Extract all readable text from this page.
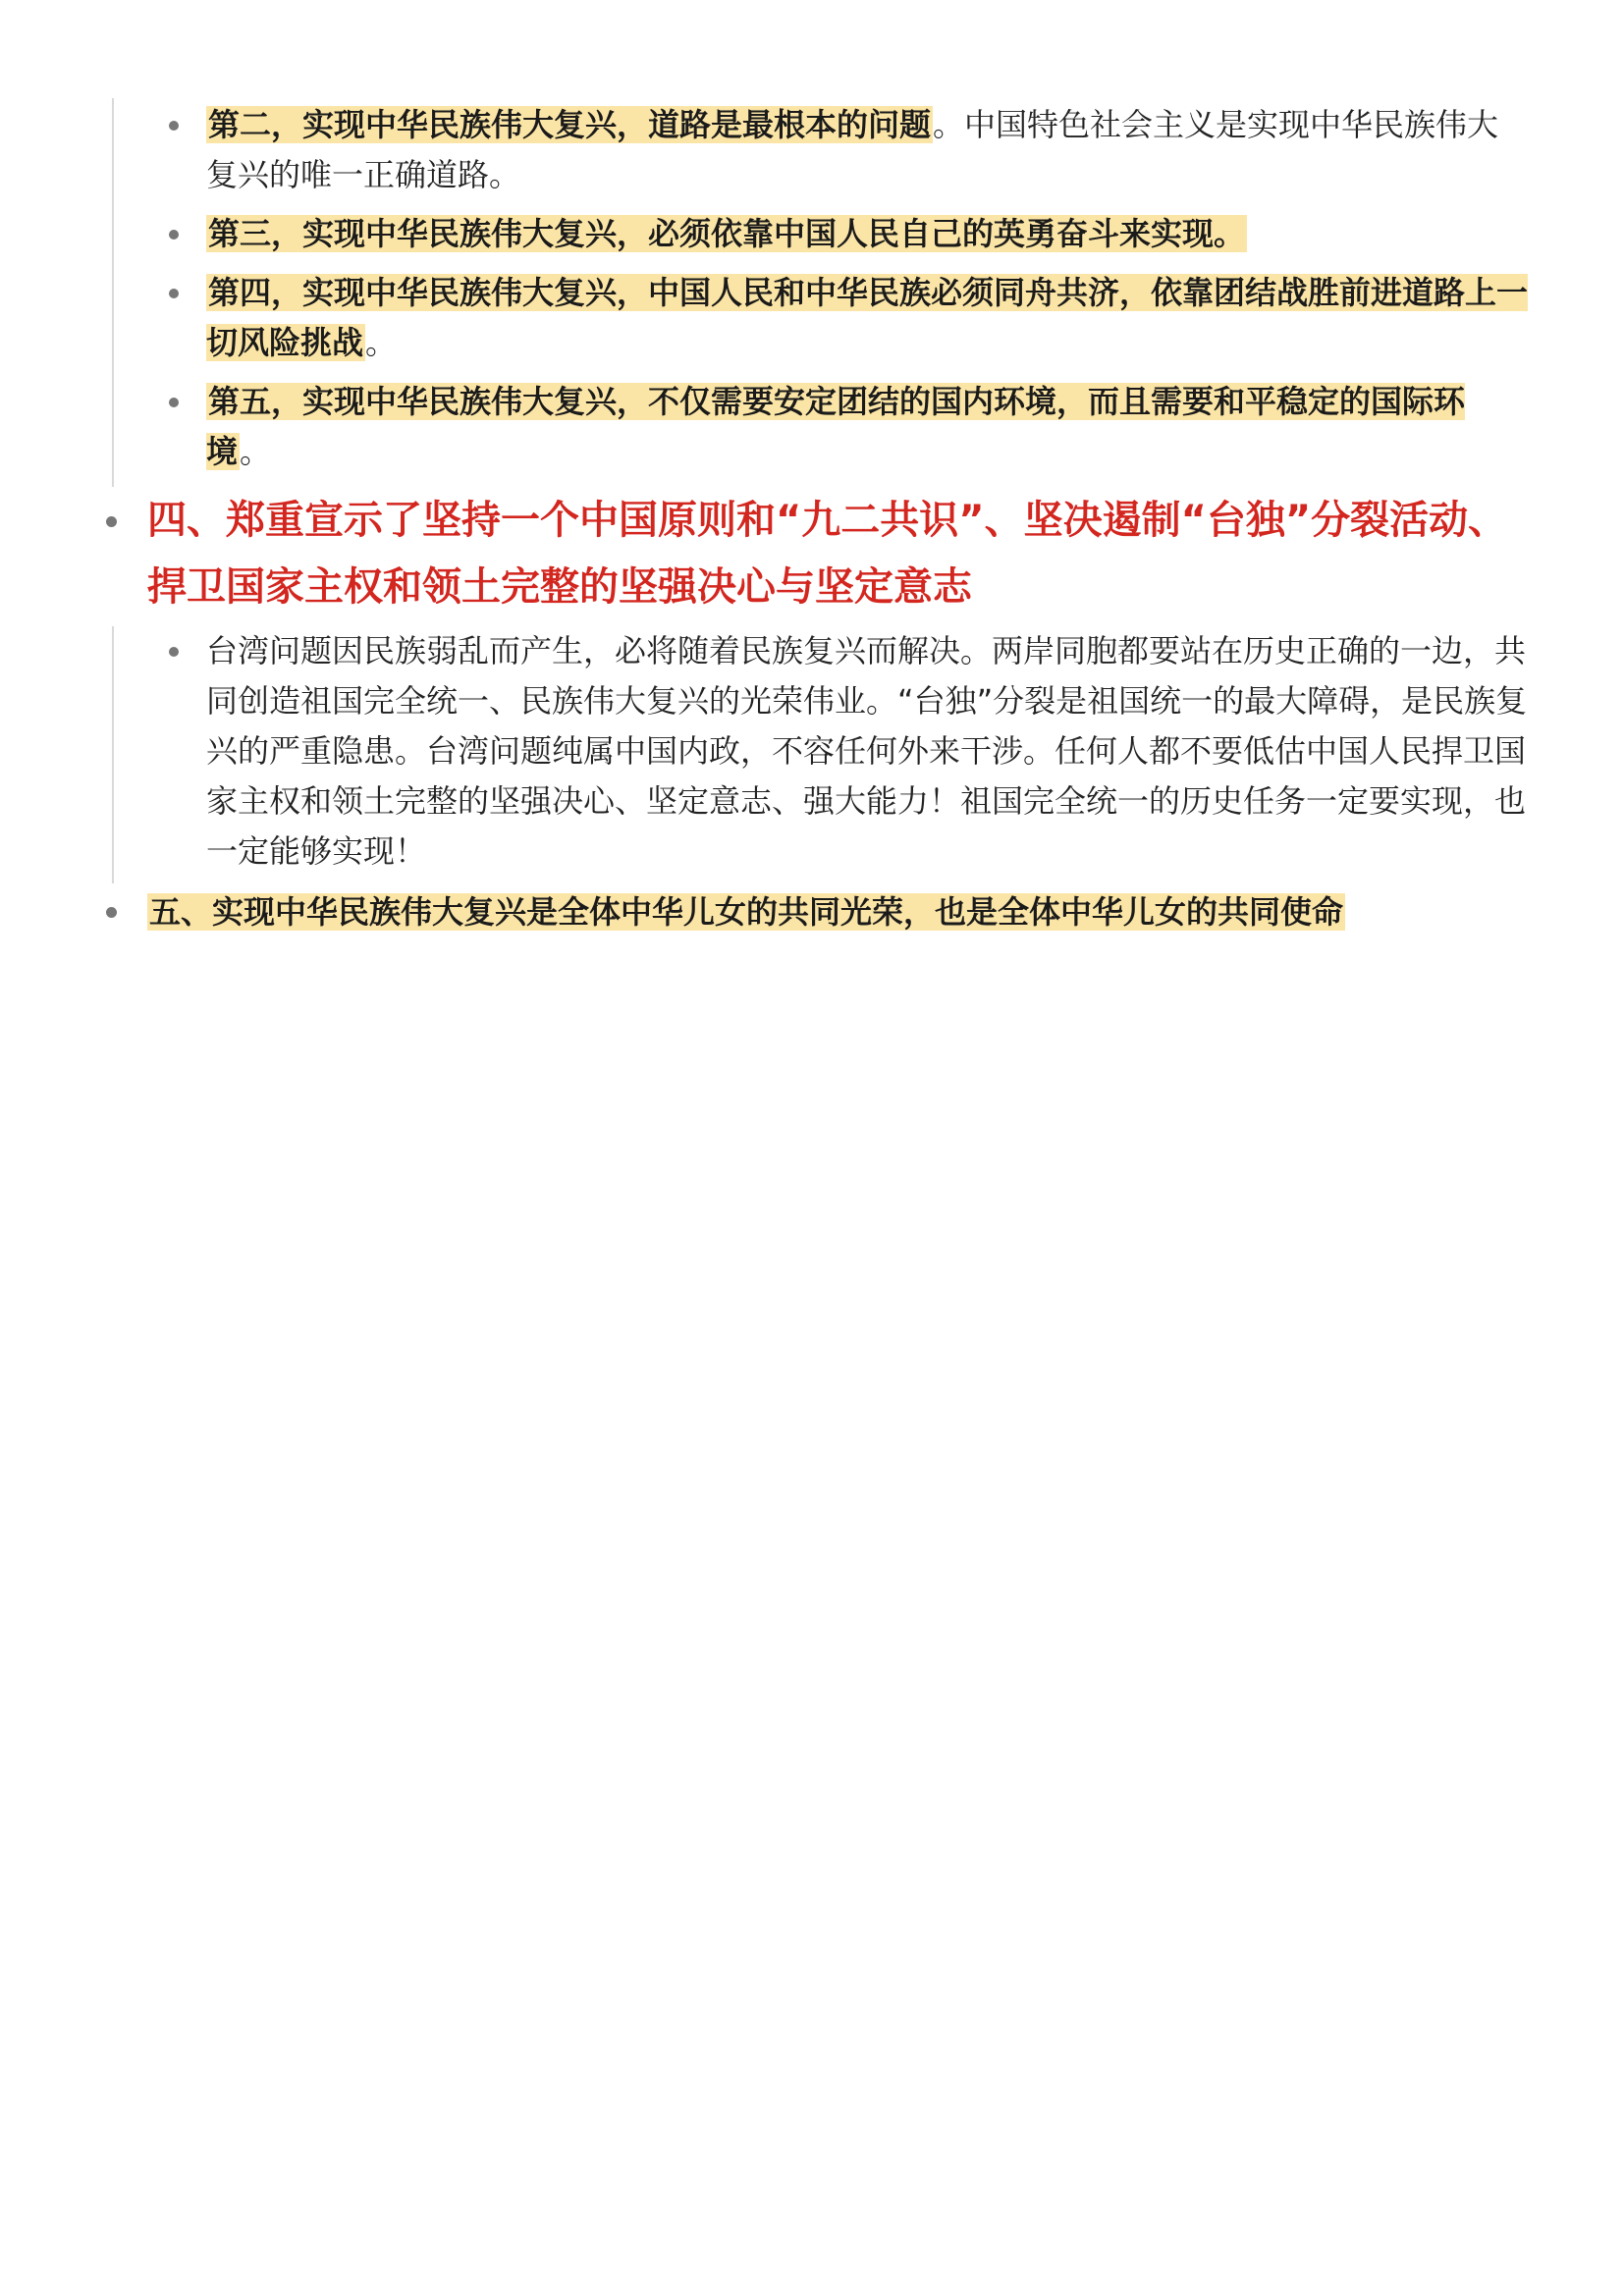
第二，实现中华民族伟大复兴，道路是最根本的问题。中国特色社会主义是实现中华民族伟大复兴的唯一正确道路。
第三，实现中华民族伟大复兴，必须依靠中国人民自己的英勇奋斗来实现。
第四，实现中华民族伟大复兴，中国人民和中华民族必须同舟共济，依靠团结战胜前进道路上一切风险挑战。
第五，实现中华民族伟大复兴，不仅需要安定团结的国内环境，而且需要和平稳定的国际环境。
四、郑重宣示了坚持一个中国原则和“九二共识”、坚决遏制“台独”分裂活动、捍卫国家主权和领土完整的坚强决心与坚定意志
台湾问题因民族弱乱而产生，必将随着民族复兴而解决。两岸同胞都要站在历史正确的一边，共同创造祖国完全统一、民族伟大复兴的光荣伟业。“台独”分裂是祖国统一的最大障碍，是民族复兴的严重隐患。台湾问题纯属中国内政，不容任何外来干涉。任何人都不要低估中国人民捍卫国家主权和领土完整的坚强决心、坚定意志、强大能力！祖国完全统一的历史任务一定要实现，也一定能够实现！
五、实现中华民族伟大复兴是全体中华儿女的共同光荣，也是全体中华儿女的共同使命
